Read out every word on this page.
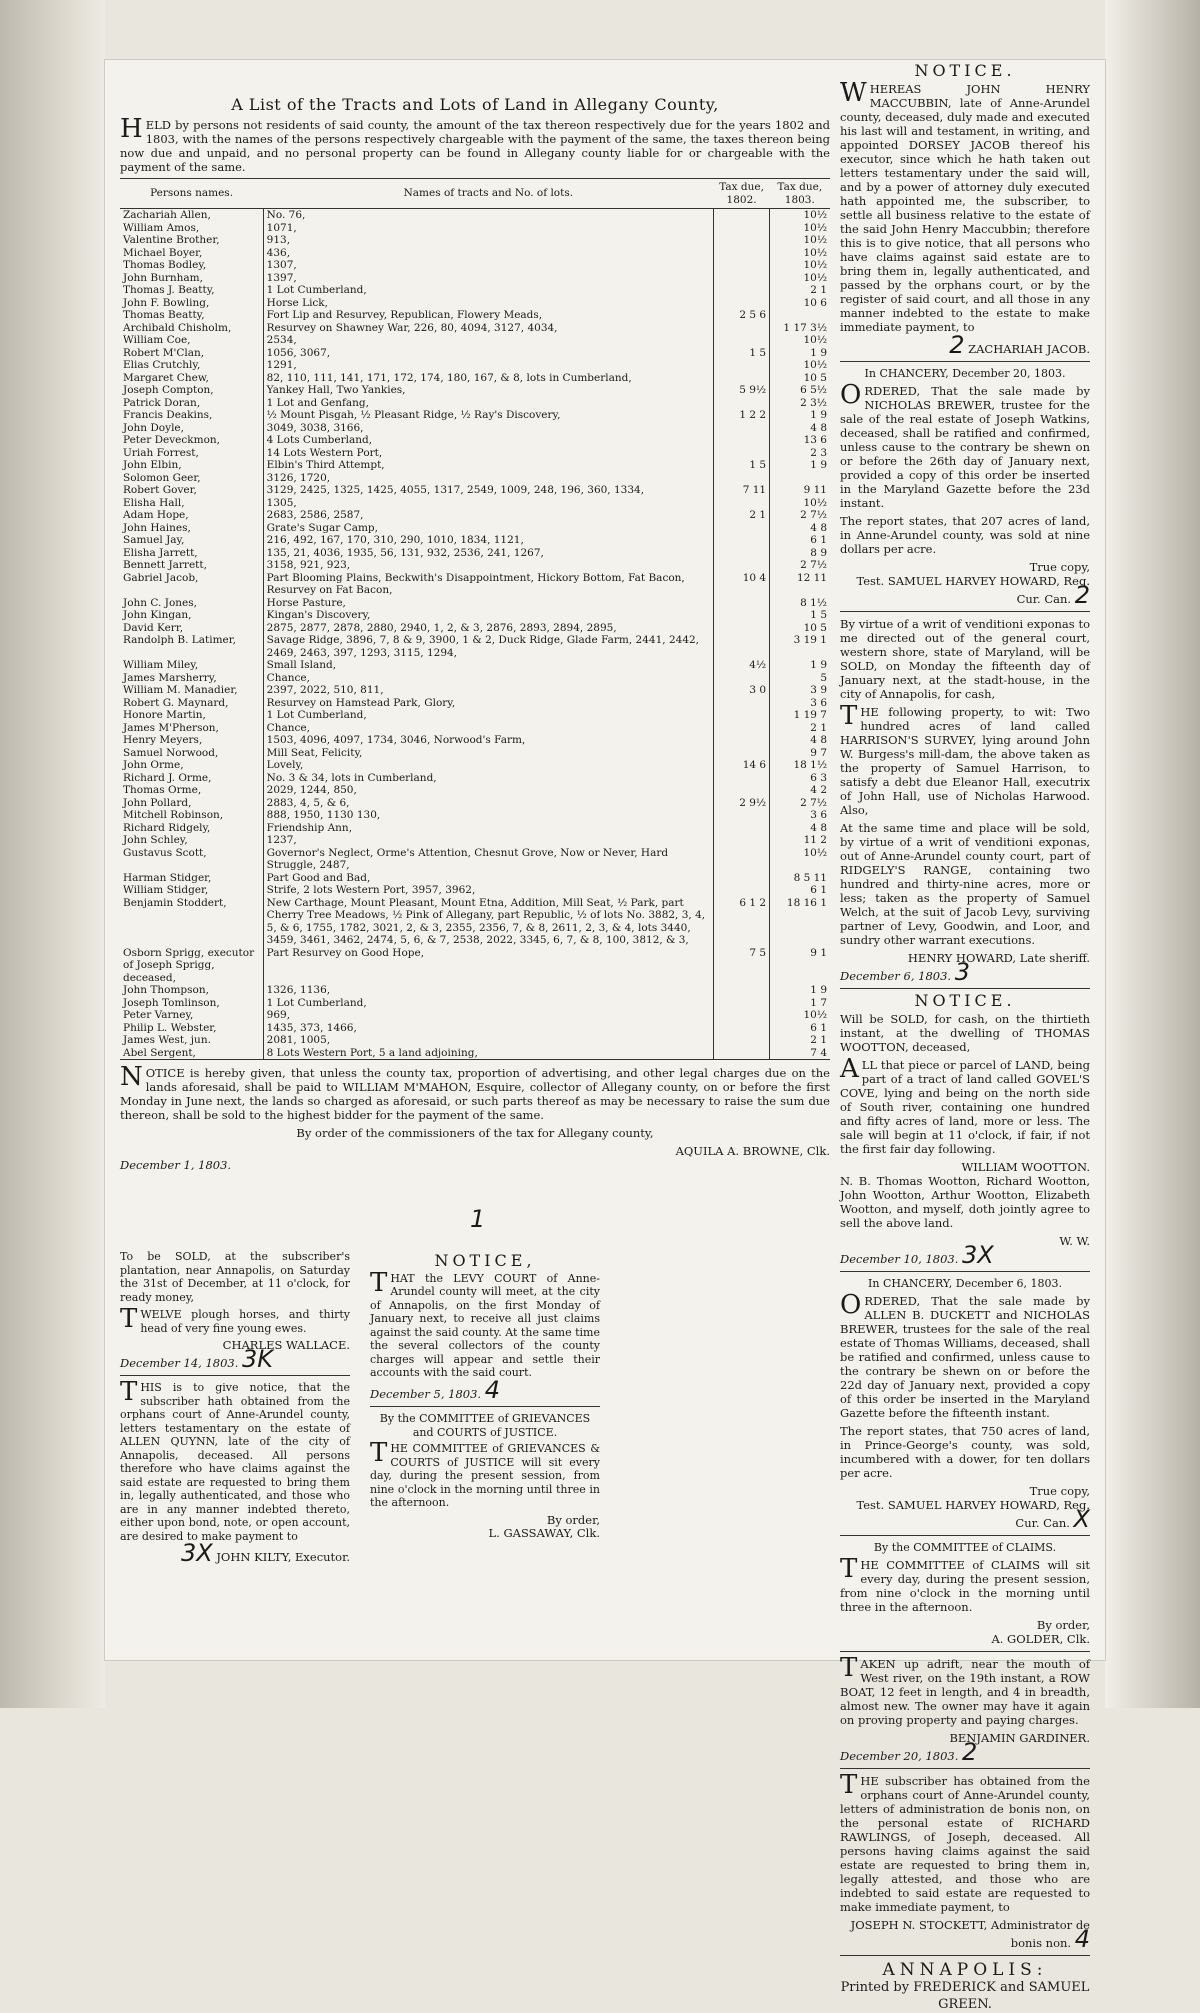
A List of the Tracts and Lots of Land in Allegany County,

HELD by persons not residents of said county, the amount of the tax thereon respectively due for the years 1802 and 1803, with the names of the persons respectively chargeable with the payment of the same, the taxes thereon being now due and unpaid, and no personal property can be found in Allegany county liable for or chargeable with the payment of the same.

Persons names.	Names of tracts and No. of lots.	Tax due, 1802.	Tax due, 1803.
Zachariah Allen,	No. 76,		10½
William Amos,	1071,		10½
Valentine Brother,	913,		10½
Michael Boyer,	436,		10½
Thomas Bodley,	1307,		10½
John Burnham,	1397,		10½
Thomas J. Beatty,	1 Lot Cumberland,		2 1
John F. Bowling,	Horse Lick,		10 6
Thomas Beatty,	Fort Lip and Resurvey, Republican, Flowery Meads,	2 5 6	
Archibald Chisholm,	Resurvey on Shawney War, 226, 80, 4094, 3127, 4034,		1 17 3½
William Coe,	2534,		10½
Robert M'Clan,	1056, 3067,	1 5	1 9
Elias Crutchly,	1291,		10½
Margaret Chew,	82, 110, 111, 141, 171, 172, 174, 180, 167, & 8, lots in Cumberland,		10 5
Joseph Compton,	Yankey Hall, Two Yankies,	5 9½	6 5½
Patrick Doran,	1 Lot and Genfang,		2 3½
Francis Deakins,	½ Mount Pisgah, ½ Pleasant Ridge, ½ Ray's Discovery,	1 2 2	1 9
John Doyle,	3049, 3038, 3166,		4 8
Peter Deveckmon,	4 Lots Cumberland,		13 6
Uriah Forrest,	14 Lots Western Port,		2 3
John Elbin,	Elbin's Third Attempt,	1 5	1 9
Solomon Geer,	3126, 1720,		
Robert Gover,	3129, 2425, 1325, 1425, 4055, 1317, 2549, 1009, 248, 196, 360, 1334,	7 11	9 11
Elisha Hall,	1305,		10½
Adam Hope,	2683, 2586, 2587,	2 1	2 7½
John Haines,	Grate's Sugar Camp,		4 8
Samuel Jay,	216, 492, 167, 170, 310, 290, 1010, 1834, 1121,		6 1
Elisha Jarrett,	135, 21, 4036, 1935, 56, 131, 932, 2536, 241, 1267,		8 9
Bennett Jarrett,	3158, 921, 923,		2 7½
Gabriel Jacob,	Part Blooming Plains, Beckwith's Disappointment, Hickory Bottom, Fat Bacon, Resurvey on Fat Bacon,	10 4	12 11
John C. Jones,	Horse Pasture,		8 1½
John Kingan,	Kingan's Discovery,		1 5
David Kerr,	2875, 2877, 2878, 2880, 2940, 1, 2, & 3, 2876, 2893, 2894, 2895,		10 5
Randolph B. Latimer,	Savage Ridge, 3896, 7, 8 & 9, 3900, 1 & 2, Duck Ridge, Glade Farm, 2441, 2442, 2469, 2463, 397, 1293, 3115, 1294,		3 19 1
William Miley,	Small Island,	4½	1 9
James Marsherry,	Chance,		5
William M. Manadier,	2397, 2022, 510, 811,	3 0	3 9
Robert G. Maynard,	Resurvey on Hamstead Park, Glory,		3 6
Honore Martin,	1 Lot Cumberland,		1 19 7
James M'Pherson,	Chance,		2 1
Henry Meyers,	1503, 4096, 4097, 1734, 3046, Norwood's Farm,		4 8
Samuel Norwood,	Mill Seat, Felicity,		9 7
John Orme,	Lovely,	14 6	18 1½
Richard J. Orme,	No. 3 & 34, lots in Cumberland,		6 3
Thomas Orme,	2029, 1244, 850,		4 2
John Pollard,	2883, 4, 5, & 6,	2 9½	2 7½
Mitchell Robinson,	888, 1950, 1130 130,		3 6
Richard Ridgely,	Friendship Ann,		4 8
John Schley,	1237,		11 2
Gustavus Scott,	Governor's Neglect, Orme's Attention, Chesnut Grove, Now or Never, Hard Struggle, 2487,		10½
Harman Stidger,	Part Good and Bad,		8 5 11
William Stidger,	Strife, 2 lots Western Port, 3957, 3962,		6 1
Benjamin Stoddert,	New Carthage, Mount Pleasant, Mount Etna, Addition, Mill Seat, ½ Park, part Cherry Tree Meadows, ½ Pink of Allegany, part Republic, ½ of lots No. 3882, 3, 4, 5, & 6, 1755, 1782, 3021, 2, & 3, 2355, 2356, 7, & 8, 2611, 2, 3, & 4, lots 3440, 3459, 3461, 3462, 2474, 5, 6, & 7, 2538, 2022, 3345, 6, 7, & 8, 100, 3812, & 3,	6 1 2	18 16 1
Osborn Sprigg, executor of Joseph Sprigg, deceased,	Part Resurvey on Good Hope,	7 5	9 1
John Thompson,	1326, 1136,		1 9
Joseph Tomlinson,	1 Lot Cumberland,		1 7
Peter Varney,	969,		10½
Philip L. Webster,	1435, 373, 1466,		6 1
James West, jun.	2081, 1005,		2 1
Abel Sergent,	8 Lots Western Port, 5 a land adjoining,		7 4

NOTICE is hereby given, that unless the county tax, proportion of advertising, and other legal charges due on the lands aforesaid, shall be paid to WILLIAM M'MAHON, Esquire, collector of Allegany county, on or before the first Monday in June next, the lands so charged as aforesaid, or such parts thereof as may be necessary to raise the sum due thereon, shall be sold to the highest bidder for the payment of the same.

By order of the commissioners of the tax for Allegany county,

AQUILA A. BROWNE, Clk.
December 1, 1803.
1
NOTICE.

WHEREAS JOHN HENRY MACCUBBIN, late of Anne-Arundel county, deceased, duly made and executed his last will and testament, in writing, and appointed DORSEY JACOB thereof his executor, since which he hath taken out letters testamentary under the said will, and by a power of attorney duly executed hath appointed me, the subscriber, to settle all business relative to the estate of the said John Henry Maccubbin; therefore this is to give notice, that all persons who have claims against said estate are to bring them in, legally authenticated, and passed by the orphans court, or by the register of said court, and all those in any manner indebted to the estate to make immediate payment, to

2 ZACHARIAH JACOB.
In CHANCERY, December 20, 1803.

ORDERED, That the sale made by NICHOLAS BREWER, trustee for the sale of the real estate of Joseph Watkins, deceased, shall be ratified and confirmed, unless cause to the contrary be shewn on or before the 26th day of January next, provided a copy of this order be inserted in the Maryland Gazette before the 23d instant.

The report states, that 207 acres of land, in Anne-Arundel county, was sold at nine dollars per acre.

True copy,
Test. SAMUEL HARVEY HOWARD, Reg. Cur. Can. 2

By virtue of a writ of venditioni exponas to me directed out of the general court, western shore, state of Maryland, will be SOLD, on Monday the fifteenth day of January next, at the stadt-house, in the city of Annapolis, for cash,

THE following property, to wit: Two hundred acres of land called HARRISON'S SURVEY, lying around John W. Burgess's mill-dam, the above taken as the property of Samuel Harrison, to satisfy a debt due Eleanor Hall, executrix of John Hall, use of Nicholas Harwood. Also,

At the same time and place will be sold, by virtue of a writ of venditioni exponas, out of Anne-Arundel county court, part of RIDGELY'S RANGE, containing two hundred and thirty-nine acres, more or less; taken as the property of Samuel Welch, at the suit of Jacob Levy, surviving partner of Levy, Goodwin, and Loor, and sundry other warrant executions.

HENRY HOWARD, Late sheriff.
December 6, 1803. 3
NOTICE.

Will be SOLD, for cash, on the thirtieth instant, at the dwelling of THOMAS WOOTTON, deceased,

ALL that piece or parcel of LAND, being part of a tract of land called GOVEL'S COVE, lying and being on the north side of South river, containing one hundred and fifty acres of land, more or less. The sale will begin at 11 o'clock, if fair, if not the first fair day following.

WILLIAM WOOTTON.

N. B. Thomas Wootton, Richard Wootton, John Wootton, Arthur Wootton, Elizabeth Wootton, and myself, doth jointly agree to sell the above land.

W. W.
December 10, 1803. 3X
In CHANCERY, December 6, 1803.

ORDERED, That the sale made by ALLEN B. DUCKETT and NICHOLAS BREWER, trustees for the sale of the real estate of Thomas Williams, deceased, shall be ratified and confirmed, unless cause to the contrary be shewn on or before the 22d day of January next, provided a copy of this order be inserted in the Maryland Gazette before the fifteenth instant.

The report states, that 750 acres of land, in Prince-George's county, was sold, incumbered with a dower, for ten dollars per acre.

True copy,
Test. SAMUEL HARVEY HOWARD, Reg. Cur. Can. X
By the COMMITTEE of CLAIMS.

THE COMMITTEE of CLAIMS will sit every day, during the present session, from nine o'clock in the morning until three in the afternoon.

By order,
A. GOLDER, Clk.

TAKEN up adrift, near the mouth of West river, on the 19th instant, a ROW BOAT, 12 feet in length, and 4 in breadth, almost new. The owner may have it again on proving property and paying charges.

BENJAMIN GARDINER.
December 20, 1803. 2

THE subscriber has obtained from the orphans court of Anne-Arundel county, letters of administration de bonis non, on the personal estate of RICHARD RAWLINGS, of Joseph, deceased. All persons having claims against the said estate are requested to bring them in, legally attested, and those who are indebted to said estate are requested to make immediate payment, to

JOSEPH N. STOCKETT, Administrator de bonis non. 4
ANNAPOLIS:
Printed by FREDERICK and SAMUEL GREEN.

To be SOLD, at the subscriber's plantation, near Annapolis, on Saturday the 31st of December, at 11 o'clock, for ready money,

TWELVE plough horses, and thirty head of very fine young ewes.

CHARLES WALLACE.
December 14, 1803. 3K

THIS is to give notice, that the subscriber hath obtained from the orphans court of Anne-Arundel county, letters testamentary on the estate of ALLEN QUYNN, late of the city of Annapolis, deceased. All persons therefore who have claims against the said estate are requested to bring them in, legally authenticated, and those who are in any manner indebted thereto, either upon bond, note, or open account, are desired to make payment to

3X JOHN KILTY, Executor.
NOTICE,

THAT the LEVY COURT of Anne-Arundel county will meet, at the city of Annapolis, on the first Monday of January next, to receive all just claims against the said county. At the same time the several collectors of the county charges will appear and settle their accounts with the said court.

December 5, 1803. 4
By the COMMITTEE of GRIEVANCES and COURTS of JUSTICE.

THE COMMITTEE of GRIEVANCES & COURTS of JUSTICE will sit every day, during the present session, from nine o'clock in the morning until three in the afternoon.

By order,
L. GASSAWAY, Clk.
